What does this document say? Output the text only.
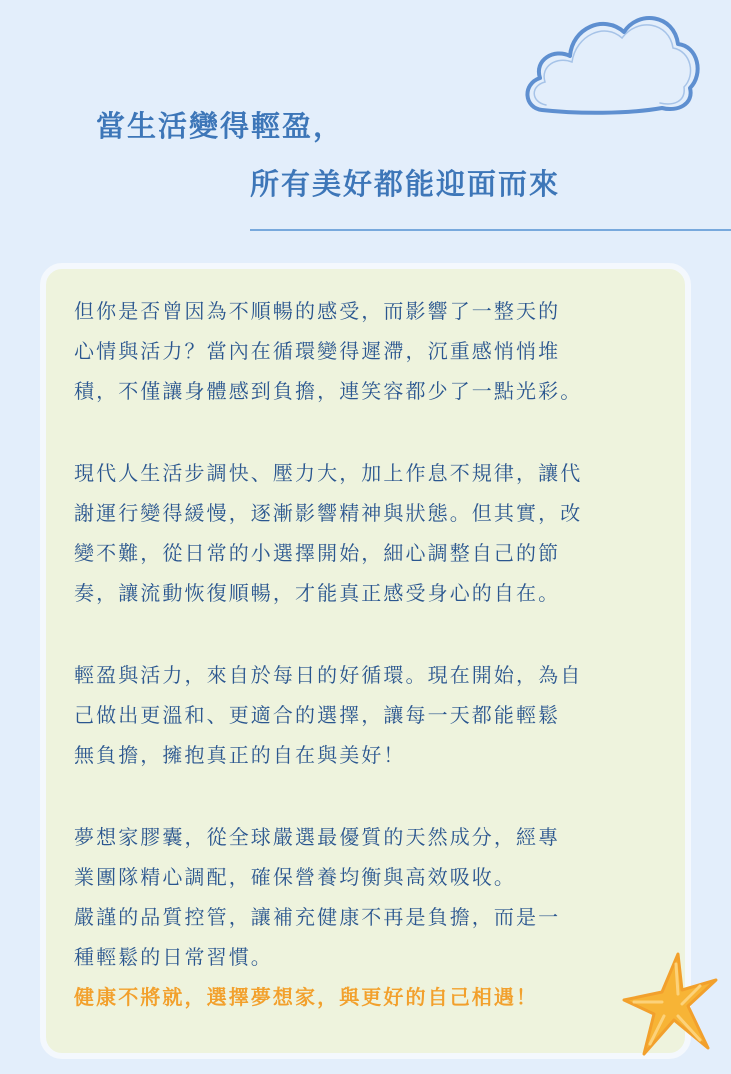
當生活變得輕盈，
所有美好都能迎面而來

但你是否曾因為不順暢的感受，而影響了一整天的
心情與活力？當內在循環變得遲滯，沉重感悄悄堆
積，不僅讓身體感到負擔，連笑容都少了一點光彩。

現代人生活步調快、壓力大，加上作息不規律，讓代
謝運行變得緩慢，逐漸影響精神與狀態。但其實，改
變不難，從日常的小選擇開始，細心調整自己的節
奏，讓流動恢復順暢，才能真正感受身心的自在。

輕盈與活力，來自於每日的好循環。現在開始，為自
己做出更溫和、更適合的選擇，讓每一天都能輕鬆
無負擔，擁抱真正的自在與美好！

夢想家膠囊，從全球嚴選最優質的天然成分，經專
業團隊精心調配，確保營養均衡與高效吸收。
嚴謹的品質控管，讓補充健康不再是負擔，而是一
種輕鬆的日常習慣。

健康不將就，選擇夢想家，與更好的自己相遇！
